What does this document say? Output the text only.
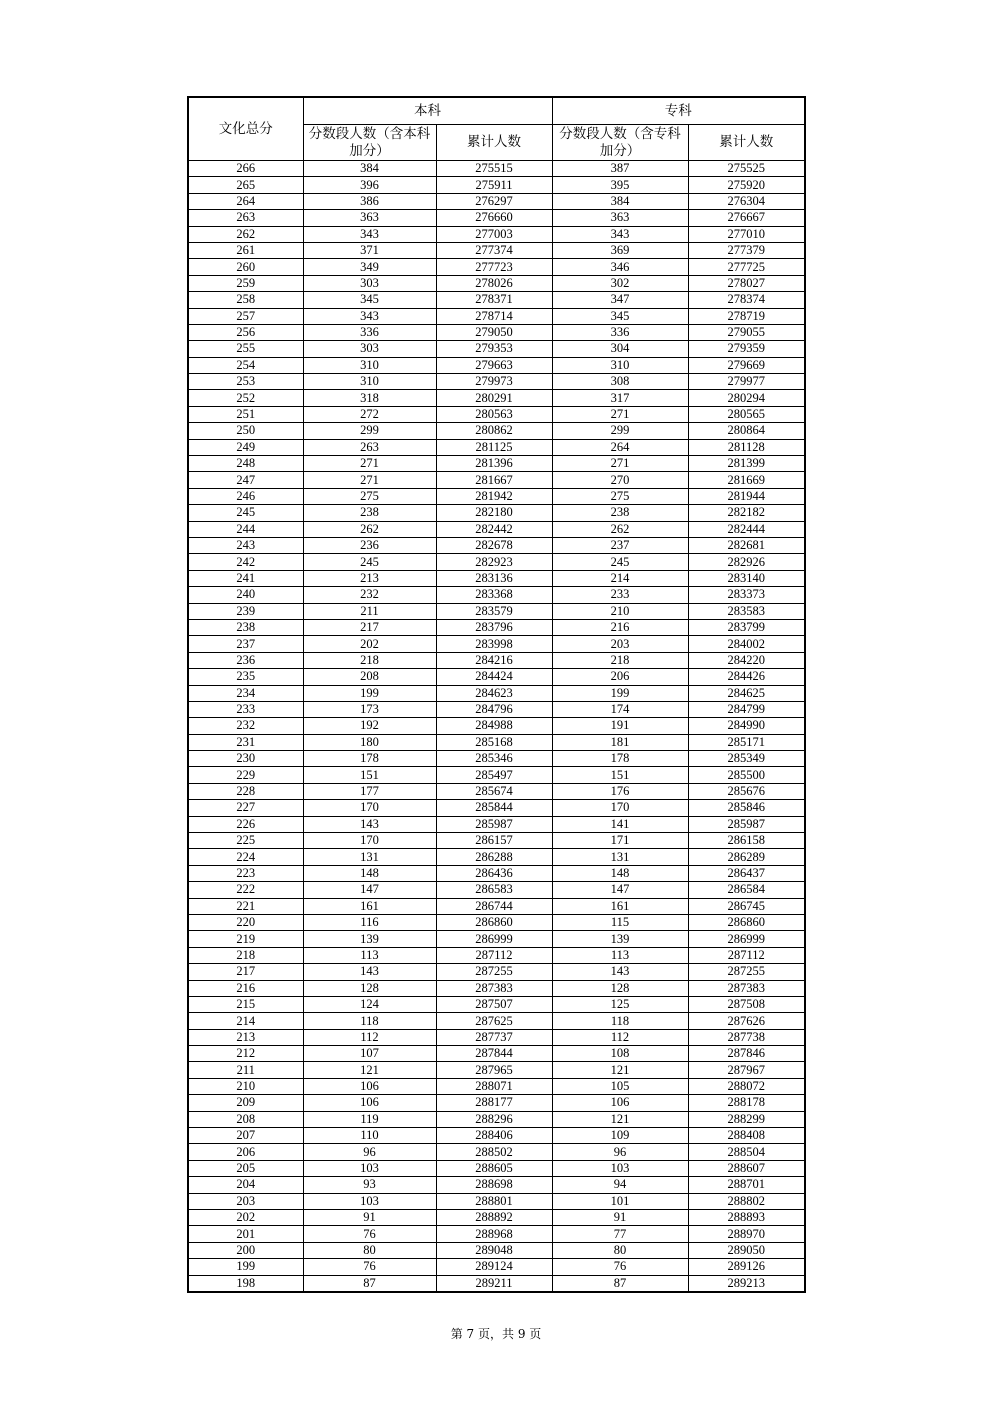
文化总分	本科		专科	
	分数段人数（含本科加分）	累计人数	分数段人数（含专科加分）	累计人数
266	384	275515	387	275525
265	396	275911	395	275920
264	386	276297	384	276304
263	363	276660	363	276667
262	343	277003	343	277010
261	371	277374	369	277379
260	349	277723	346	277725
259	303	278026	302	278027
258	345	278371	347	278374
257	343	278714	345	278719
256	336	279050	336	279055
255	303	279353	304	279359
254	310	279663	310	279669
253	310	279973	308	279977
252	318	280291	317	280294
251	272	280563	271	280565
250	299	280862	299	280864
249	263	281125	264	281128
248	271	281396	271	281399
247	271	281667	270	281669
246	275	281942	275	281944
245	238	282180	238	282182
244	262	282442	262	282444
243	236	282678	237	282681
242	245	282923	245	282926
241	213	283136	214	283140
240	232	283368	233	283373
239	211	283579	210	283583
238	217	283796	216	283799
237	202	283998	203	284002
236	218	284216	218	284220
235	208	284424	206	284426
234	199	284623	199	284625
233	173	284796	174	284799
232	192	284988	191	284990
231	180	285168	181	285171
230	178	285346	178	285349
229	151	285497	151	285500
228	177	285674	176	285676
227	170	285844	170	285846
226	143	285987	141	285987
225	170	286157	171	286158
224	131	286288	131	286289
223	148	286436	148	286437
222	147	286583	147	286584
221	161	286744	161	286745
220	116	286860	115	286860
219	139	286999	139	286999
218	113	287112	113	287112
217	143	287255	143	287255
216	128	287383	128	287383
215	124	287507	125	287508
214	118	287625	118	287626
213	112	287737	112	287738
212	107	287844	108	287846
211	121	287965	121	287967
210	106	288071	105	288072
209	106	288177	106	288178
208	119	288296	121	288299
207	110	288406	109	288408
206	96	288502	96	288504
205	103	288605	103	288607
204	93	288698	94	288701
203	103	288801	101	288802
202	91	288892	91	288893
201	76	288968	77	288970
200	80	289048	80	289050
199	76	289124	76	289126
198	87	289211	87	289213
第 7 页，共 9 页
